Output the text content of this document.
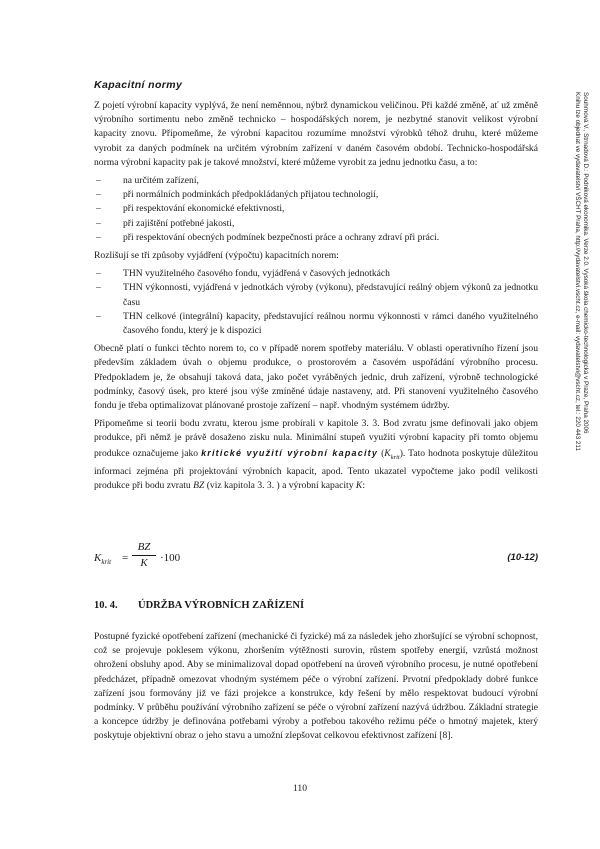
Kapacitní normy

Z pojetí výrobní kapacity vyplývá, že není neměnnou, nýbrž dynamickou veličinou. Při každé změně, ať už změně výrobního sortimentu nebo změně technicko – hospodářských norem, je nezbytné stanovit velikost výrobní kapacity znovu. Připomeňme, že výrobní kapacitou rozumíme množství výrobků téhož druhu, které můžeme vyrobit za daných podmínek na určitém výrobním zařízení v daném časovém období. Technicko-hospodářská norma výrobní kapacity pak je takové množství, které můžeme vyrobit za jednu jednotku času, a to:

– na určitém zařízení,
– při normálních podmínkách předpokládaných přijatou technologií,
– při respektování ekonomické efektivnosti,
– při zajištění potřebné jakosti,
– při respektování obecných podmínek bezpečnosti práce a ochrany zdraví při práci.

Rozlišují se tři způsoby vyjádření (výpočtu) kapacitních norem:

– THN využitelného časového fondu, vyjádřená v časových jednotkách
– THN výkonnosti, vyjádřená v jednotkách výroby (výkonu), představující reálný objem výkonů za jednotku času
– THN celkové (integrální) kapacity, představující reálnou normu výkonnosti v rámci daného využitelného časového fondu, který je k dispozici

Obecně platí o funkci těchto norem to, co v případě norem spotřeby materiálu. V oblasti operativního řízení jsou především základem úvah o objemu produkce, o prostorovém a časovém uspořádání výrobního procesu. Předpokladem je, že obsahují taková data, jako počet vyráběných jednic, druh zařízení, výrobně technologické podmínky, časový úsek, pro které jsou výše zmíněné údaje nastaveny, atd. Při stanovení využitelného časového fondu je třeba optimalizovat plánované prostoje zařízení – např. vhodným systémem údržby.

Připomeňme si teorii bodu zvratu, kterou jsme probírali v kapitole 3. 3. Bod zvratu jsme definovali jako objem produkce, při němž je právě dosaženo zisku nula. Minimální stupeň využití výrobní kapacity při tomto objemu produkce označujeme jako kritické využití výrobní kapacity $(K_{krit})$. Tato hodnota poskytuje důležitou informaci zejména při projektování výrobních kapacit, apod. Tento ukazatel vypočteme jako podíl velikosti produkce při bodu zvratu BZ (viz kapitola 3. 3. ) a výrobní kapacity K:

$K_{krit} = \frac{BZ}{K} \cdot 100$	(10-12)
10. 4. ÚDRŽBA VÝROBNÍCH ZAŘÍZENÍ

Postupné fyzické opotřebení zařízení (mechanické či fyzické) má za následek jeho zhoršující se výrobní schopnost, což se projevuje poklesem výkonu, zhoršením výtěžnosti surovin, růstem spotřeby energií, vzrůstá možnost ohrožení obsluhy apod. Aby se minimalizoval dopad opotřebení na úroveň výrobního procesu, je nutné opotřebení předcházet, případně omezovat vhodným systémem péče o výrobní zařízení. Prvotní předpoklady dobré funkce zařízení jsou formovány již ve fázi projekce a konstrukce, kdy řešení by mělo respektovat budoucí výrobní podmínky. V průběhu používání výrobního zařízení se péče o výrobní zařízení nazývá údržbou. Základní strategie a koncepce údržby je definována potřebami výroby a potřebou takového režimu péče o hmotný majetek, který poskytuje objektivní obraz o jeho stavu a umožní zlepšovat celkovou efektivnost zařízení [8].

110
Souhrnová V., Strnadová D.: Podniková ekonomika. Verze 2.0. Vysoká škola chemicko-technologická v Praze, Praha 2006
Knihu lze objednat ve vydavatelství VŠCHT Praha, http://vydavatelstvi.vscht.cz, e-mail: vydavatelstvi@vscht.cz, tel.: 220 443 211
